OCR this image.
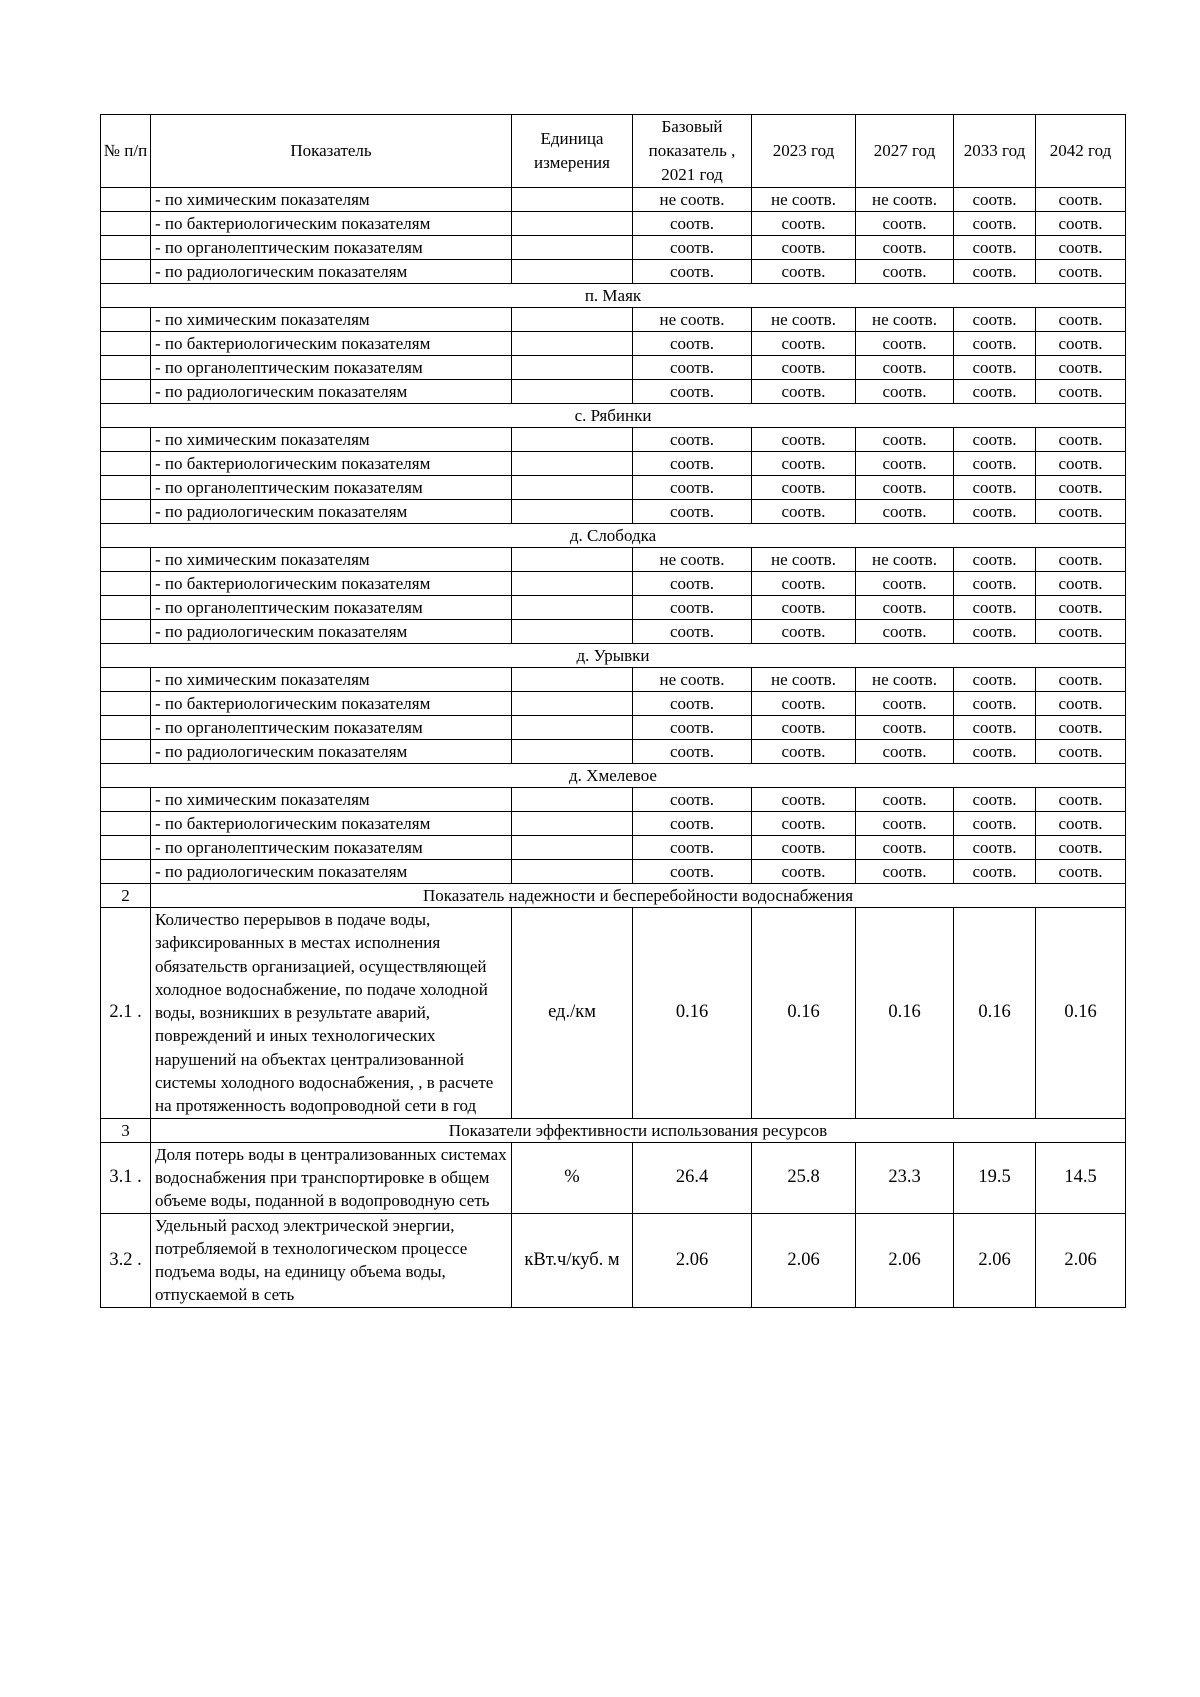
№ п/п	Показатель	Единица измерения	Базовый показатель , 2021 год	2023 год	2027 год	2033 год	2042 год
	- по химическим показателям		не соотв.	не соотв.	не соотв.	соотв.	соотв.
	- по бактериологическим показателям		соотв.	соотв.	соотв.	соотв.	соотв.
	- по органолептическим показателям		соотв.	соотв.	соотв.	соотв.	соотв.
	- по радиологическим показателям		соотв.	соотв.	соотв.	соотв.	соотв.
п. Маяк							
	- по химическим показателям		не соотв.	не соотв.	не соотв.	соотв.	соотв.
	- по бактериологическим показателям		соотв.	соотв.	соотв.	соотв.	соотв.
	- по органолептическим показателям		соотв.	соотв.	соотв.	соотв.	соотв.
	- по радиологическим показателям		соотв.	соотв.	соотв.	соотв.	соотв.
с. Рябинки							
	- по химическим показателям		соотв.	соотв.	соотв.	соотв.	соотв.
	- по бактериологическим показателям		соотв.	соотв.	соотв.	соотв.	соотв.
	- по органолептическим показателям		соотв.	соотв.	соотв.	соотв.	соотв.
	- по радиологическим показателям		соотв.	соотв.	соотв.	соотв.	соотв.
д. Слободка							
	- по химическим показателям		не соотв.	не соотв.	не соотв.	соотв.	соотв.
	- по бактериологическим показателям		соотв.	соотв.	соотв.	соотв.	соотв.
	- по органолептическим показателям		соотв.	соотв.	соотв.	соотв.	соотв.
	- по радиологическим показателям		соотв.	соотв.	соотв.	соотв.	соотв.
д. Урывки							
	- по химическим показателям		не соотв.	не соотв.	не соотв.	соотв.	соотв.
	- по бактериологическим показателям		соотв.	соотв.	соотв.	соотв.	соотв.
	- по органолептическим показателям		соотв.	соотв.	соотв.	соотв.	соотв.
	- по радиологическим показателям		соотв.	соотв.	соотв.	соотв.	соотв.
д. Хмелевое							
	- по химическим показателям		соотв.	соотв.	соотв.	соотв.	соотв.
	- по бактериологическим показателям		соотв.	соотв.	соотв.	соотв.	соотв.
	- по органолептическим показателям		соотв.	соотв.	соотв.	соотв.	соотв.
	- по радиологическим показателям		соотв.	соотв.	соотв.	соотв.	соотв.
2	Показатель надежности и бесперебойности водоснабжения						
2.1 .	Количество перерывов в подаче воды, зафиксированных в местах исполнения обязательств организацией, осуществляющей холодное водоснабжение, по подаче холодной воды, возникших в результате аварий, повреждений и иных технологических нарушений на объектах централизованной системы холодного водоснабжения, , в расчете на протяженность водопроводной сети в год	ед./км	0.16	0.16	0.16	0.16	0.16
3	Показатели эффективности использования ресурсов						
3.1 .	Доля потерь воды в централизованных системах водоснабжения при транспортировке в общем объеме воды, поданной в водопроводную сеть	%	26.4	25.8	23.3	19.5	14.5
3.2 .	Удельный расход электрической энергии, потребляемой в технологическом процессе подъема воды, на единицу объема воды, отпускаемой в сеть	кВт.ч/куб. м	2.06	2.06	2.06	2.06	2.06
